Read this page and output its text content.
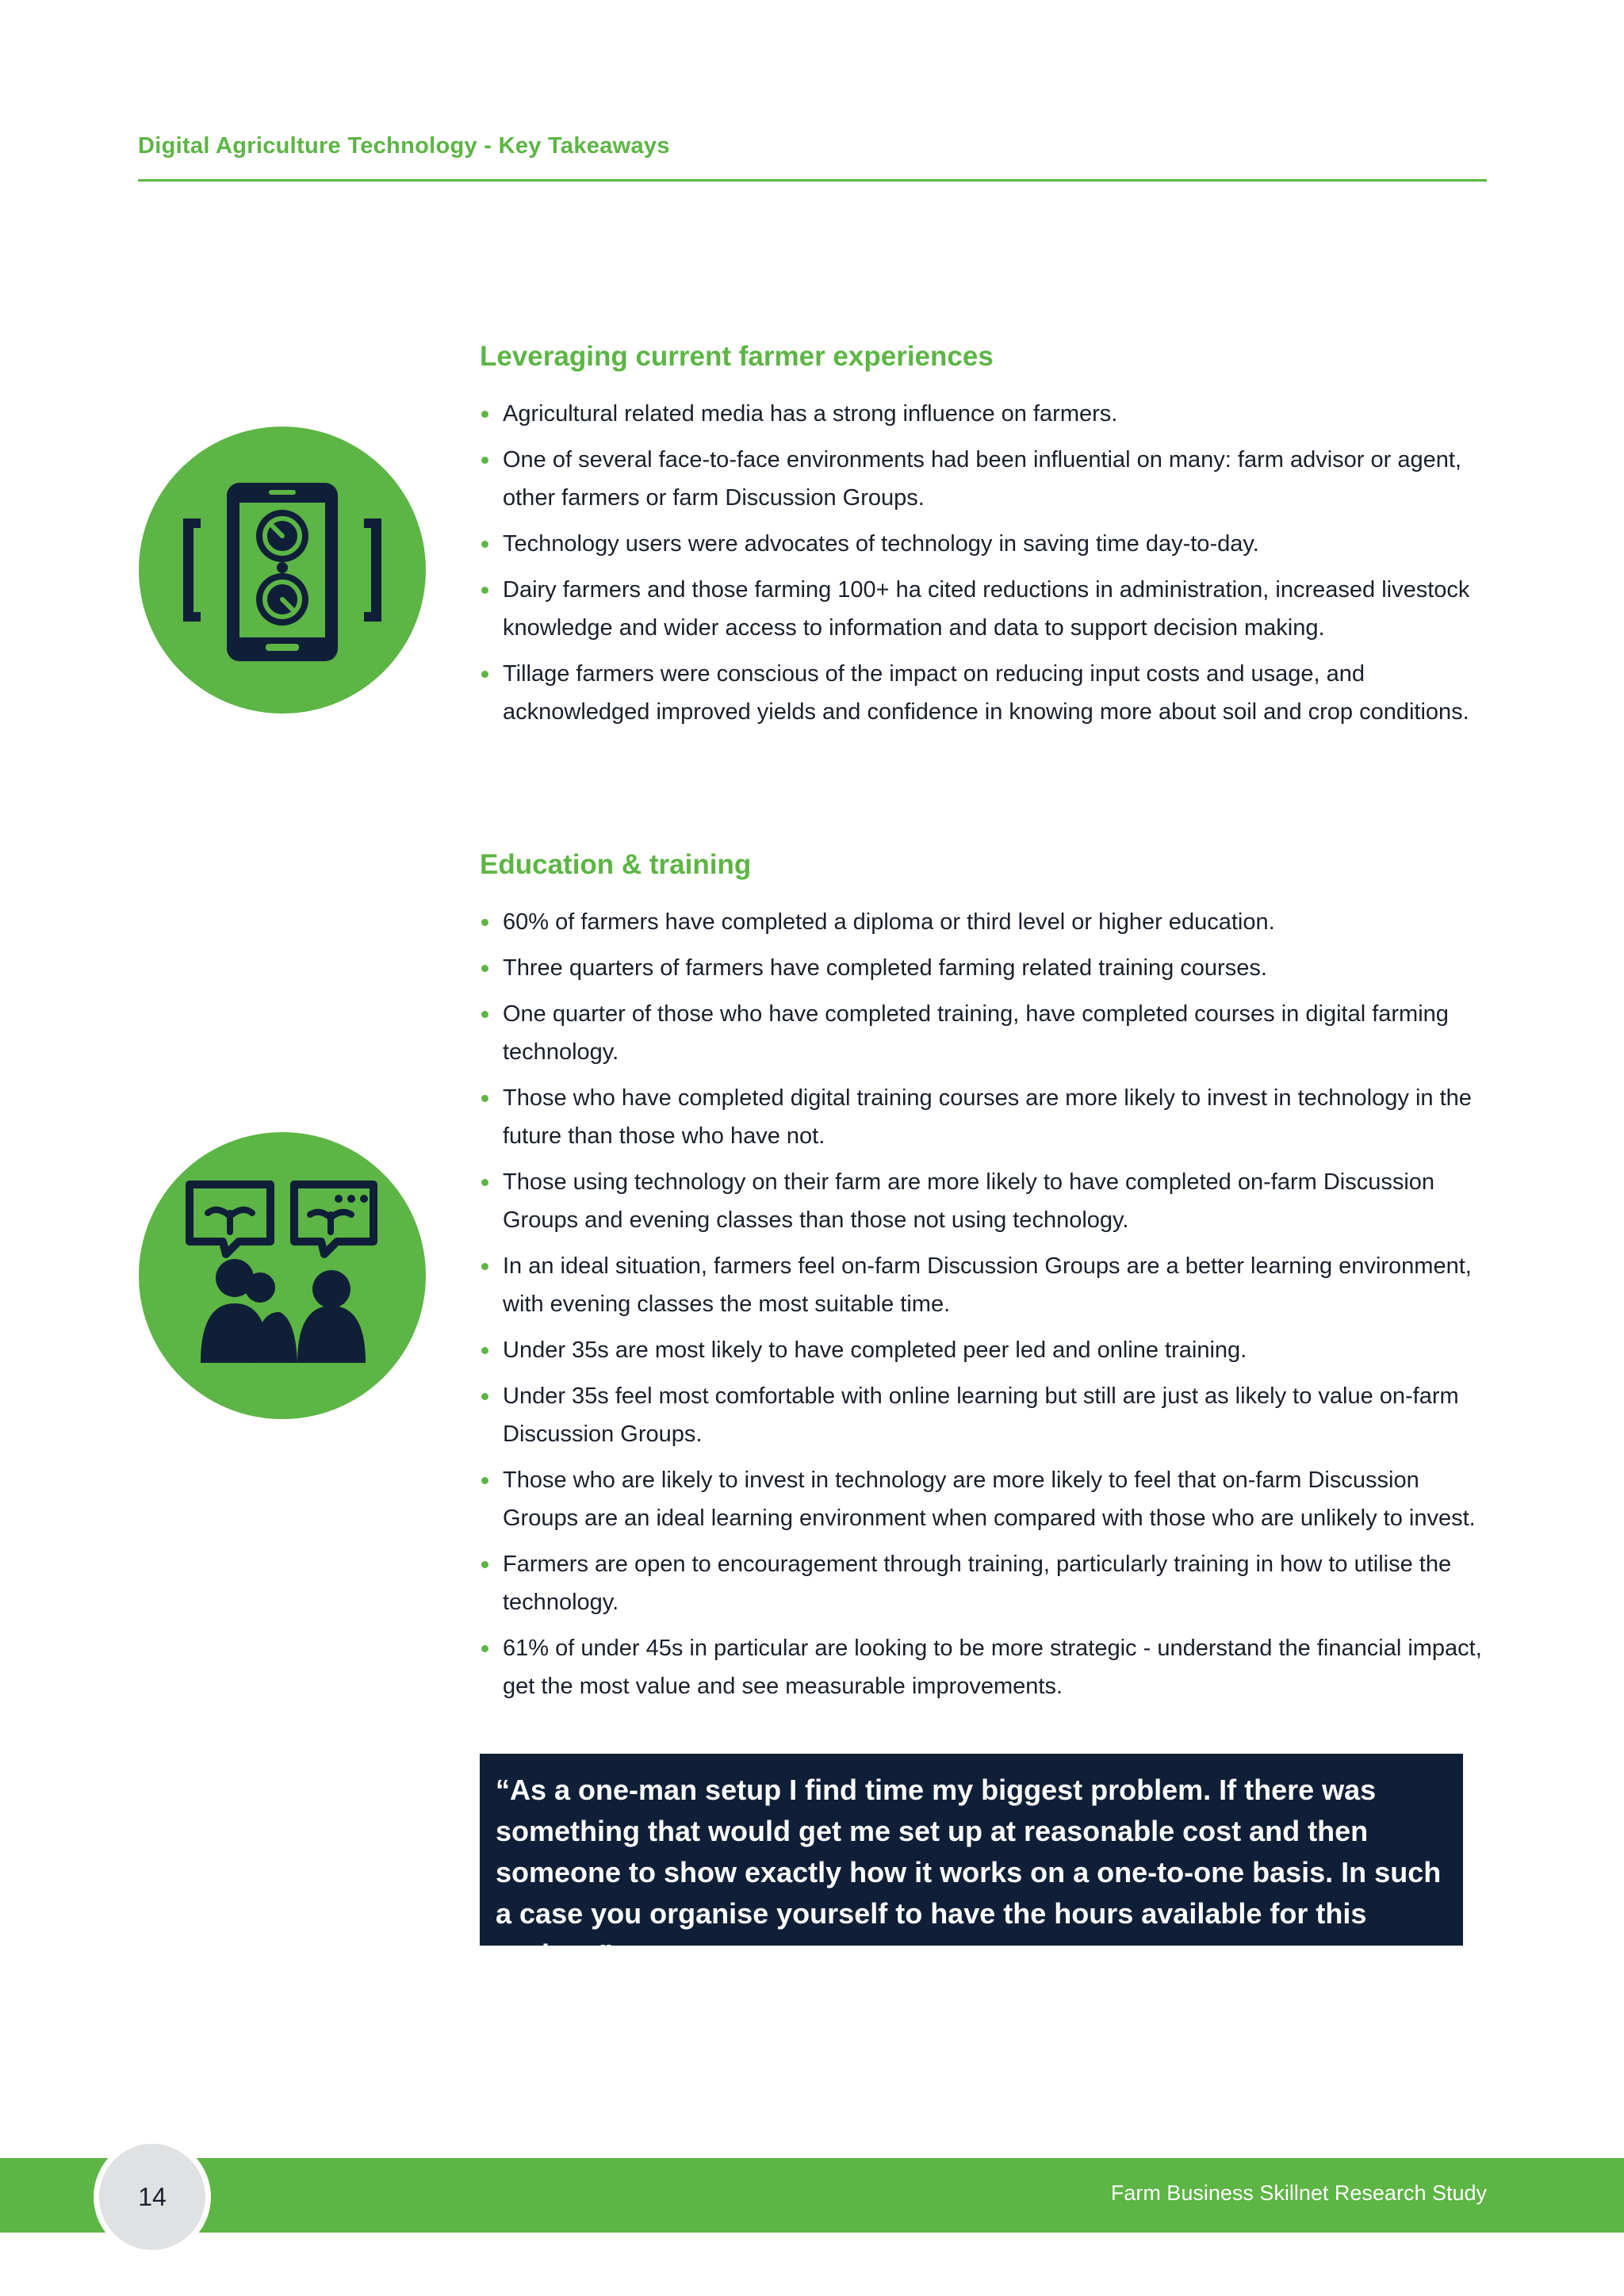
Digital Agriculture Technology - Key Takeaways
Leveraging current farmer experiences
Agricultural related media has a strong influence on farmers.
One of several face-to-face environments had been influential on many: farm advisor or agent, other farmers or farm Discussion Groups.
Technology users were advocates of technology in saving time day-to-day.
Dairy farmers and those farming 100+ ha cited reductions in administration, increased livestock knowledge and wider access to information and data to support decision making.
Tillage farmers were conscious of the impact on reducing input costs and usage, and acknowledged improved yields and confidence in knowing more about soil and crop conditions.
Education & training
60% of farmers have completed a diploma or third level or higher education.
Three quarters of farmers have completed farming related training courses.
One quarter of those who have completed training, have completed courses in digital farming technology.
Those who have completed digital training courses are more likely to invest in technology in the future than those who have not.
Those using technology on their farm are more likely to have completed on-farm Discussion Groups and evening classes than those not using technology.
In an ideal situation, farmers feel on-farm Discussion Groups are a better learning environment, with evening classes the most suitable time.
Under 35s are most likely to have completed peer led and online training.
Under 35s feel most comfortable with online learning but still are just as likely to value on-farm Discussion Groups.
Those who are likely to invest in technology are more likely to feel that on-farm Discussion Groups are an ideal learning environment when compared with those who are unlikely to invest.
Farmers are open to encouragement through training, particularly training in how to utilise the technology.
61% of under 45s in particular are looking to be more strategic - understand the financial impact, get the most value and see measurable improvements.
“As a one-man setup I find time my biggest problem. If there was something that would get me set up at reasonable cost and then someone to show exactly how it works on a one-to-one basis. In such a case you organise yourself to have the hours available for this project.”
Farm Business Skillnet Research Study
14
